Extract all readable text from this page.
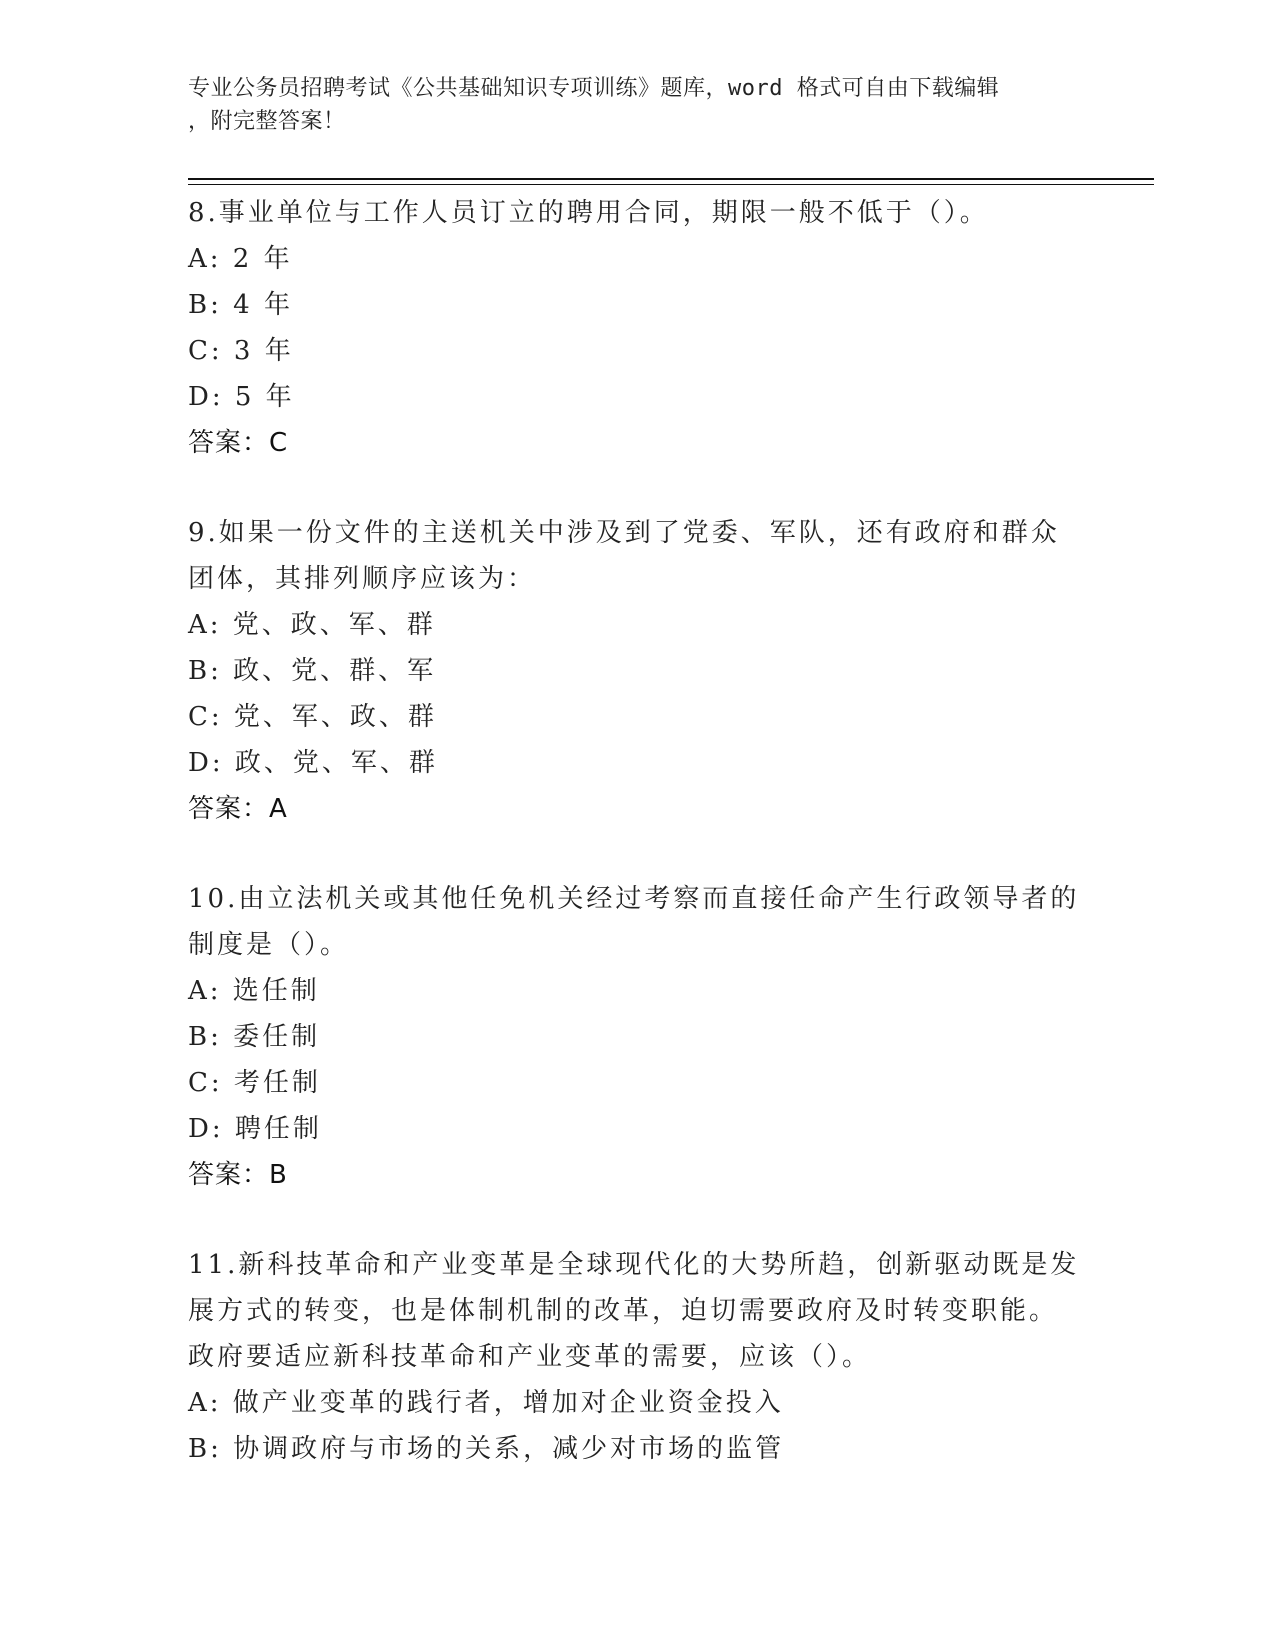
专业公务员招聘考试《公共基础知识专项训练》题库，word 格式可自由下载编辑
，附完整答案！
8.事业单位与工作人员订立的聘用合同，期限一般不低于（）。
A: 2 年
B: 4 年
C: 3 年
D: 5 年
答案：C
9.如果一份文件的主送机关中涉及到了党委、军队，还有政府和群众
团体，其排列顺序应该为：
A: 党、政、军、群
B: 政、党、群、军
C: 党、军、政、群
D: 政、党、军、群
答案：A
10.由立法机关或其他任免机关经过考察而直接任命产生行政领导者的
制度是（）。
A: 选任制
B: 委任制
C: 考任制
D: 聘任制
答案：B
11.新科技革命和产业变革是全球现代化的大势所趋，创新驱动既是发
展方式的转变，也是体制机制的改革，迫切需要政府及时转变职能。
政府要适应新科技革命和产业变革的需要，应该（）。
A: 做产业变革的践行者，增加对企业资金投入
B: 协调政府与市场的关系，减少对市场的监管
